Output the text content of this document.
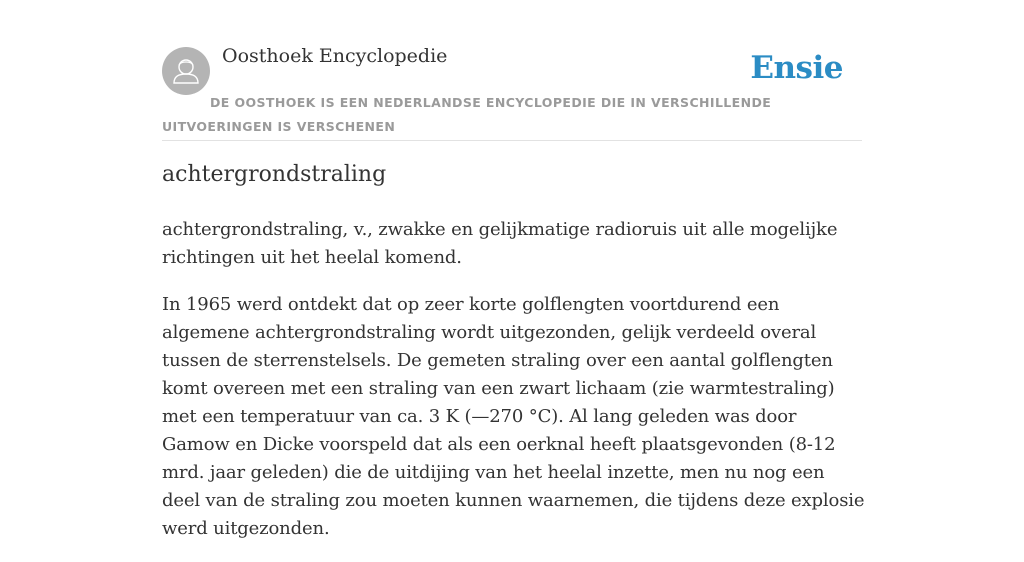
Oosthoek Encyclopedie	Ensie
DE OOSTHOEK IS EEN NEDERLANDSE ENCYCLOPEDIE DIE IN VERSCHILLENDE UITVOERINGEN IS VERSCHENEN
achtergrondstraling

achtergrondstraling, v., zwakke en gelijkmatige radioruis uit alle mogelijke richtingen uit het heelal komend.

In 1965 werd ontdekt dat op zeer korte golflengten voortdurend een algemene achtergrondstraling wordt uitgezonden, gelijk verdeeld overal tussen de sterrenstelsels. De gemeten straling over een aantal golflengten komt overeen met een straling van een zwart lichaam (zie warmtestraling) met een temperatuur van ca. 3 K (—270 °C). Al lang geleden was door Gamow en Dicke voorspeld dat als een oerknal heeft plaatsgevonden (8-12 mrd. jaar geleden) die de uitdijing van het heelal inzette, men nu nog een deel van de straling zou moeten kunnen waarnemen, die tijdens deze explosie werd uitgezonden.
